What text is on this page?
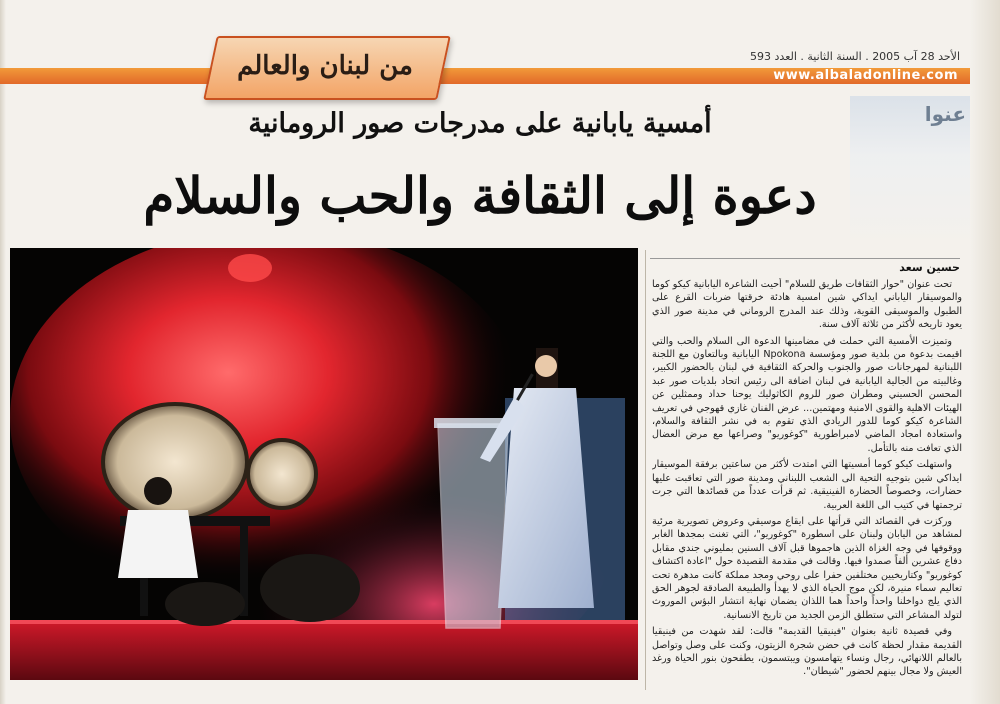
www.albaladonline.com
الأحد 28 آب 2005 . السنة الثانية . العدد 593
من لبنان والعالم
عنوا
أمسية يابانية على مدرجات صور الرومانية
دعوة إلى الثقافة والحب والسلام
حسين سعد

تحت عنوان "حوار الثقافات طريق للسلام" أحيت الشاعرة اليابانية كيكو كوما والموسيقار الياباني ايداكي شين امسية هادئة خرقتها ضربات القرع على الطبول والموسيقى القوية، وذلك عند المدرج الروماني في مدينة صور الذي يعود تاريخه لأكثر من ثلاثة آلاف سنة.

وتميزت الأمسية التي حملت في مضامينها الدعوة الى السلام والحب والتي اقيمت بدعوة من بلدية صور ومؤسسة Npokona اليابانية وبالتعاون مع اللجنة اللبنانية لمهرجانات صور والجنوب والحركة الثقافية في لبنان بالحضور الكبير، وغالبيته من الجالية اليابانية في لبنان اضافة الى رئيس اتحاد بلديات صور عبد المحسن الحسيني ومطران صور للروم الكاثوليك يوحنا حداد وممثلين عن الهيئات الاهلية والقوى الامنية ومهتمين... عرض الفنان غازي قهوجي في تعريف الشاعرة كيكو كوما للدور الريادي الذي تقوم به في نشر الثقافة والسلام، واستعادة امجاد الماضي لامبراطورية "كوغوريو" وصراعها مع مرض العضال الذي تعافت منه بالتأمل.

واستهلت كيكو كوما أمسيتها التي امتدت لأكثر من ساعتين برفقة الموسيقار ايداكي شين بتوجيه التحية الى الشعب اللبناني ومدينة صور التي تعاقبت عليها حضارات، وخصوصاً الحضارة الفينيقية. ثم قرأت عدداً من قصائدها التي جرت ترجمتها في كتيب الى اللغة العربية.

وركزت في القصائد التي قرأتها على ايقاع موسيقي وعروض تصويرية مرئية لمشاهد من اليابان ولبنان على اسطورة "كوغوريو"، التي تغنت بمجدها الغابر ووقوفها في وجه الغزاة الذين هاجموها قبل آلاف السنين بمليوني جندي مقابل دفاع عشرين ألفاً صمدوا فيها. وقالت في مقدمة القصيدة حول "اعادة اكتشاف كوغوريو" وكتاريخيين مختلفين حفرا على روحي ومجد مملكة كانت مدهرة تحت تعاليم سماء منيرة، لكن موج الحياة الذي لا يهدأ والطبيعة الصادقة لجوهر الحق الذي يلج دواخلنا واحداً واحداً هما اللذان يضمان نهاية انتشار البؤس الموروث لتولد المشاعر التي ستطلق الزمن الجديد من تاريخ الانسانية.

وفي قصيدة ثانية بعنوان "فينيقيا القديمة" قالت: لقد شهدت من فينيقيا القديمة مقدار لحظة كانت في حضن شجرة الزيتون، وكنت على وصل وتواصل بالعالم اللانهائي، رجال ونساء يتهامسون ويبتسمون، يطفحون بنور الحياة ورغد العيش ولا مجال بينهم لحضور "شيطان".
